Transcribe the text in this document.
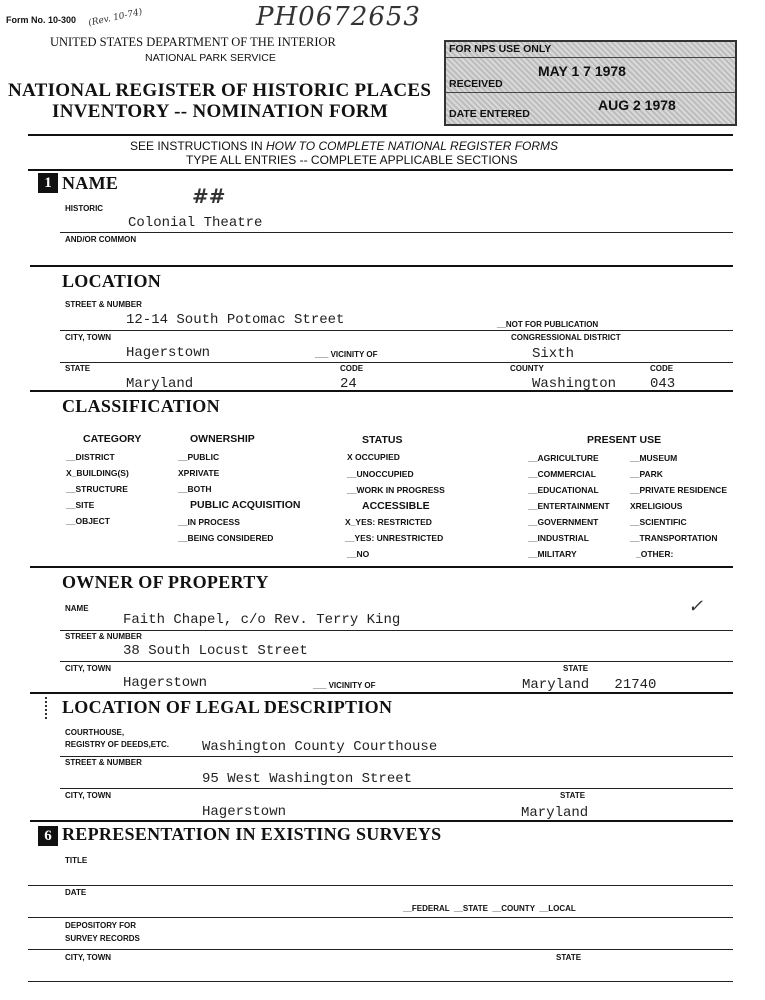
Form No. 10-300 (Rev. 10-74)	PH0672653
UNITED STATES DEPARTMENT OF THE INTERIOR
NATIONAL PARK SERVICE
NATIONAL REGISTER OF HISTORIC PLACES
INVENTORY -- NOMINATION FORM
FOR NPS USE ONLY
RECEIVED
MAY 1 7 1978
DATE ENTERED
AUG 2 1978
SEE INSTRUCTIONS IN HOW TO COMPLETE NATIONAL REGISTER FORMS
TYPE ALL ENTRIES -- COMPLETE APPLICABLE SECTIONS
1 NAME
##
HISTORIC
Colonial Theatre
AND/OR COMMON
LOCATION
STREET & NUMBER
12-14 South Potomac Street	__NOT FOR PUBLICATION
CITY, TOWN	CONGRESSIONAL DISTRICT
Hagerstown	___ VICINITY OF	Sixth
STATE	CODE	COUNTY	CODE
Maryland	24	Washington 043
CLASSIFICATION
CATEGORY
__DISTRICT
X_BUILDING(S)
__STRUCTURE
__SITE
__OBJECT
OWNERSHIP
__PUBLIC
XPRIVATE
__BOTH
PUBLIC ACQUISITION
__IN PROCESS
__BEING CONSIDERED
STATUS
X OCCUPIED
__UNOCCUPIED
__WORK IN PROGRESS
ACCESSIBLE
X_YES: RESTRICTED
__YES: UNRESTRICTED
__NO
PRESENT USE
__AGRICULTURE
__COMMERCIAL
__EDUCATIONAL
__ENTERTAINMENT
__GOVERNMENT
__INDUSTRIAL
__MILITARY
__MUSEUM
__PARK
__PRIVATE RESIDENCE
XRELIGIOUS
__SCIENTIFIC
__TRANSPORTATION
_OTHER:
OWNER OF PROPERTY
NAME
Faith Chapel, c/o Rev. Terry King
✓
STREET & NUMBER
38 South Locust Street
CITY, TOWN	STATE
Hagerstown	___ VICINITY OF	Maryland   21740
LOCATION OF LEGAL DESCRIPTION
COURTHOUSE,
REGISTRY OF DEEDS,ETC. Washington County Courthouse
STREET & NUMBER
95 West Washington Street
CITY, TOWN	STATE
Hagerstown	Maryland
6 REPRESENTATION IN EXISTING SURVEYS
TITLE
DATE
__FEDERAL  __STATE  __COUNTY  __LOCAL
DEPOSITORY FOR
SURVEY RECORDS
CITY, TOWN	STATE
